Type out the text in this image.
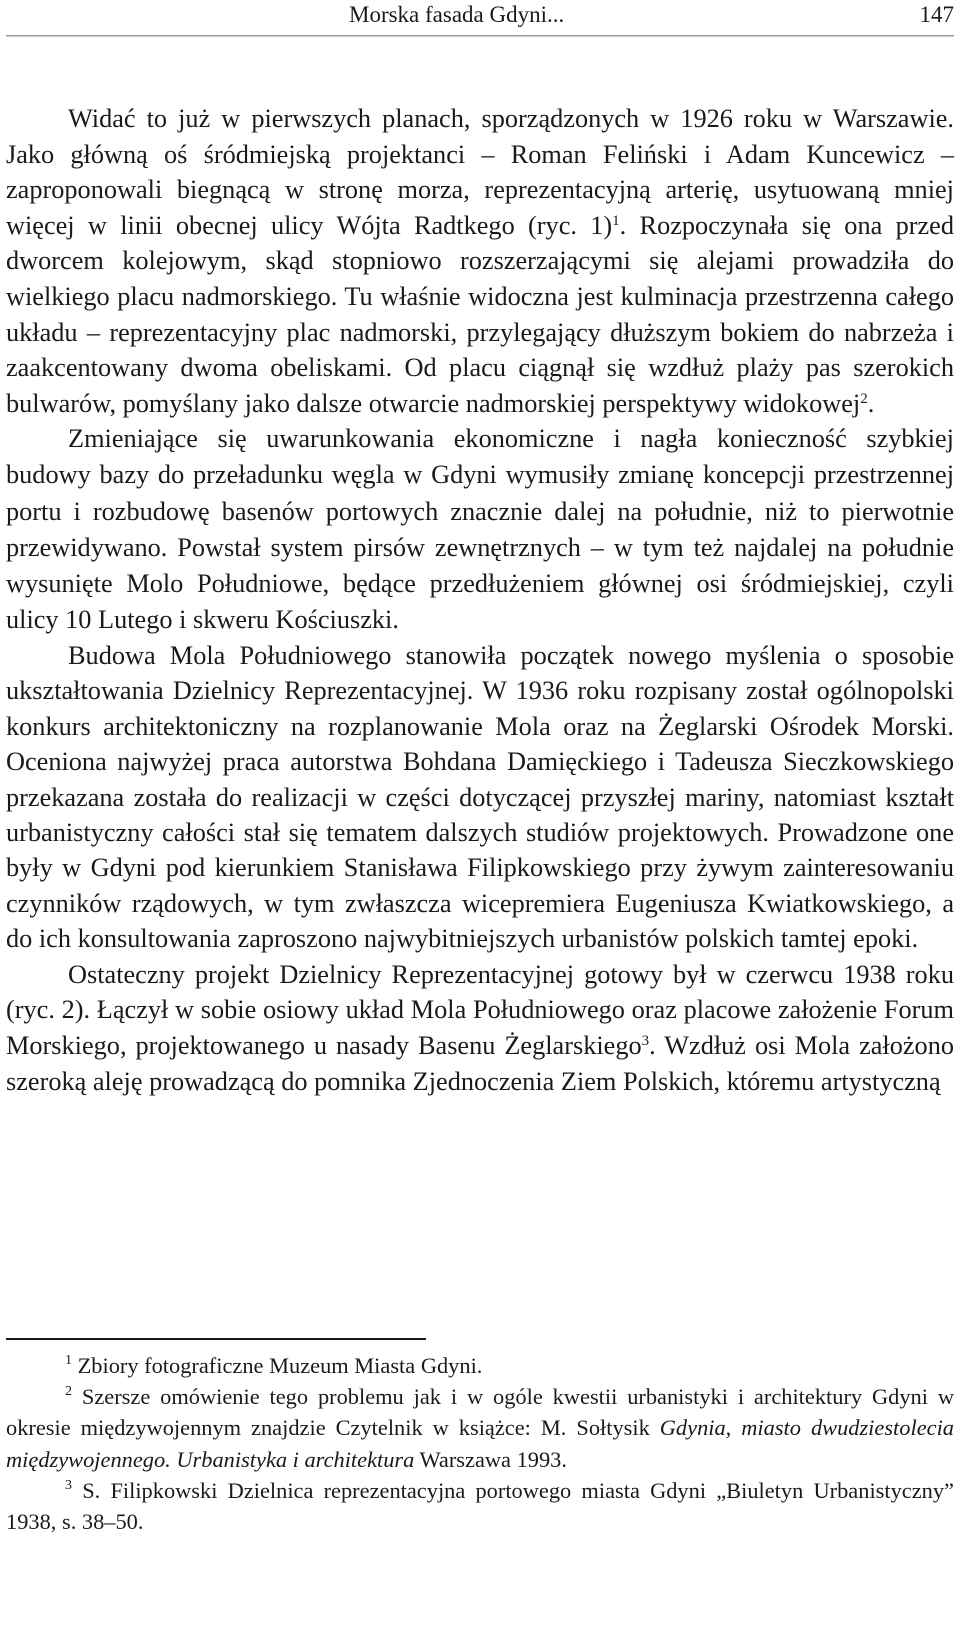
Morska fasada Gdyni...	147

Widać to już w pierwszych planach, sporządzonych w 1926 roku w Warszawie. Jako główną oś śródmiejską projektanci – Roman Feliński i Adam Kuncewicz – zaproponowali biegnącą w stronę morza, reprezentacyjną arterię, usytuowaną mniej więcej w linii obecnej ulicy Wójta Radtkego (ryc. 1)$^1$. Rozpoczynała się ona przed dworcem kolejowym, skąd stopniowo rozszerzającymi się alejami prowadziła do wielkiego placu nadmorskiego. Tu właśnie widoczna jest kulminacja przestrzenna całego układu – reprezentacyjny plac nadmorski, przylegający dłuższym bokiem do nabrzeża i zaakcentowany dwoma obeliskami. Od placu ciągnął się wzdłuż plaży pas szerokich bulwarów, pomyślany jako dalsze otwarcie nadmorskiej perspektywy widokowej$^2$.

Zmieniające się uwarunkowania ekonomiczne i nagła konieczność szybkiej budowy bazy do przeładunku węgla w Gdyni wymusiły zmianę koncepcji przestrzennej portu i rozbudowę basenów portowych znacznie dalej na południe, niż to pierwotnie przewidywano. Powstał system pirsów zewnętrznych – w tym też najdalej na południe wysunięte Molo Południowe, będące przedłużeniem głównej osi śródmiejskiej, czyli ulicy 10 Lutego i skweru Kościuszki.

Budowa Mola Południowego stanowiła początek nowego myślenia o sposobie ukształtowania Dzielnicy Reprezentacyjnej. W 1936 roku rozpisany został ogólnopolski konkurs architektoniczny na rozplanowanie Mola oraz na Żeglarski Ośrodek Morski. Oceniona najwyżej praca autorstwa Bohdana Damięckiego i Tadeusza Sieczkowskiego przekazana została do realizacji w części dotyczącej przyszłej mariny, natomiast kształt urbanistyczny całości stał się tematem dalszych studiów projektowych. Prowadzone one były w Gdyni pod kierunkiem Stanisława Filipkowskiego przy żywym zainteresowaniu czynników rządowych, w tym zwłaszcza wicepremiera Eugeniusza Kwiatkowskiego, a do ich konsultowania zaproszono najwybitniejszych urbanistów polskich tamtej epoki.

Ostateczny projekt Dzielnicy Reprezentacyjnej gotowy był w czerwcu 1938 roku (ryc. 2). Łączył w sobie osiowy układ Mola Południowego oraz placowe założenie Forum Morskiego, projektowanego u nasady Basenu Żeglarskiego$^3$. Wzdłuż osi Mola założono szeroką aleję prowadzącą do pomnika Zjednoczenia Ziem Polskich, któremu artystyczną

$^1$ Zbiory fotograficzne Muzeum Miasta Gdyni.

$^2$ Szersze omówienie tego problemu jak i w ogóle kwestii urbanistyki i architektury Gdyni w okresie międzywojennym znajdzie Czytelnik w książce: M. Sołtysik Gdynia, miasto dwudziestolecia międzywojennego. Urbanistyka i architektura Warszawa 1993.

$^3$ S. Filipkowski Dzielnica reprezentacyjna portowego miasta Gdyni „Biuletyn Urbanistyczny” 1938, s. 38–50.
